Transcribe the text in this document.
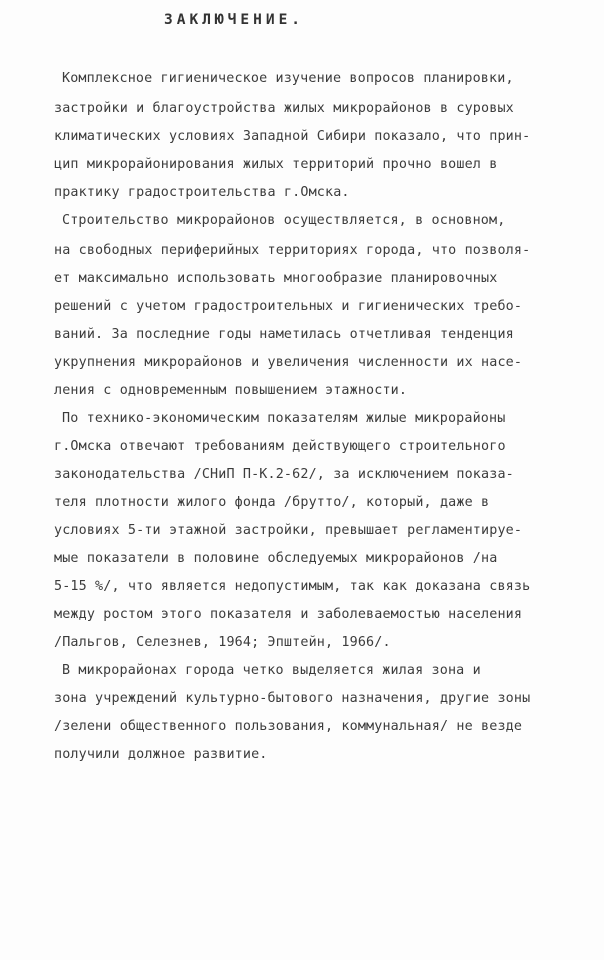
ЗАКЛЮЧЕНИЕ.
Комплексное гигиеническое изучение вопросов планировки,
застройки и благоустройства жилых микрорайонов в суровых
климатических условиях Западной Сибири показало, что прин-
цип микрорайонирования жилых территорий прочно вошел в
практику градостроительства г.Омска.
Строительство микрорайонов осуществляется, в основном,
на свободных периферийных территориях города, что позволя-
ет максимально использовать многообразие планировочных
решений с учетом градостроительных и гигиенических требо-
ваний. За последние годы наметилась отчетливая тенденция
укрупнения микрорайонов и увеличения численности их насе-
ления с одновременным повышением этажности.
По технико-экономическим показателям жилые микрорайоны
г.Омска отвечают требованиям действующего строительного
законодательства /СНиП П-К.2-62/, за исключением показа-
теля плотности жилого фонда /брутто/, который, даже в
условиях 5-ти этажной застройки, превышает регламентируе-
мые показатели в половине обследуемых микрорайонов /на
5-15 %/, что является недопустимым, так как доказана связь
между ростом этого показателя и заболеваемостью населения
/Пальгов, Селезнев, 1964; Эпштейн, 1966/.
В микрорайонах города четко выделяется жилая зона и
зона учреждений культурно-бытового назначения, другие зоны
/зелени общественного пользования, коммунальная/ не везде
получили должное развитие.
